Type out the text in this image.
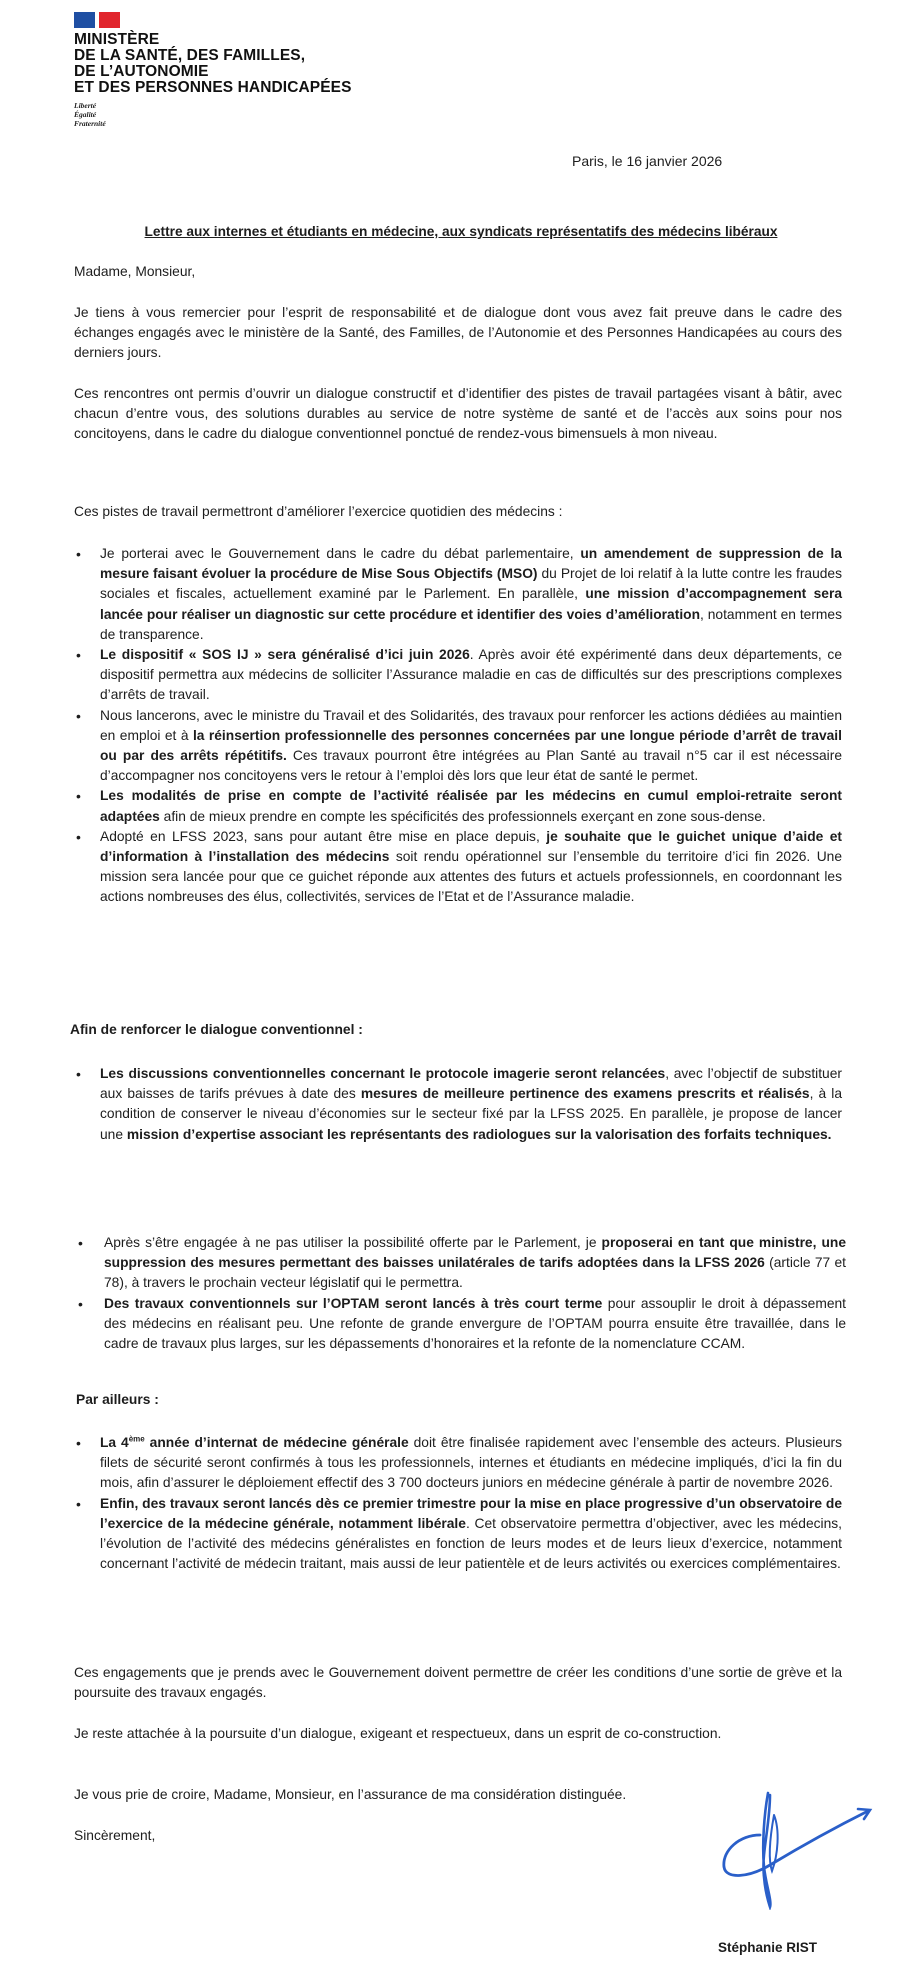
MINISTÈRE
DE LA SANTÉ, DES FAMILLES,
DE L’AUTONOMIE
ET DES PERSONNES HANDICAPÉES
Liberté
Égalité
Fraternité
Paris, le 16 janvier 2026
Lettre aux internes et étudiants en médecine, aux syndicats représentatifs des médecins libéraux
Madame, Monsieur,
Je tiens à vous remercier pour l’esprit de responsabilité et de dialogue dont vous avez fait preuve dans le cadre des échanges engagés avec le ministère de la Santé, des Familles, de l’Autonomie et des Personnes Handicapées au cours des derniers jours.
Ces rencontres ont permis d’ouvrir un dialogue constructif et d’identifier des pistes de travail partagées visant à bâtir, avec chacun d’entre vous, des solutions durables au service de notre système de santé et de l’accès aux soins pour nos concitoyens, dans le cadre du dialogue conventionnel ponctué de rendez-vous bimensuels à mon niveau.
Ces pistes de travail permettront d’améliorer l’exercice quotidien des médecins :
• Je porterai avec le Gouvernement dans le cadre du débat parlementaire, un amendement de suppression de la mesure faisant évoluer la procédure de Mise Sous Objectifs (MSO) du Projet de loi relatif à la lutte contre les fraudes sociales et fiscales, actuellement examiné par le Parlement. En parallèle, une mission d’accompagnement sera lancée pour réaliser un diagnostic sur cette procédure et identifier des voies d’amélioration, notamment en termes de transparence.
• Le dispositif « SOS IJ » sera généralisé d’ici juin 2026. Après avoir été expérimenté dans deux départements, ce dispositif permettra aux médecins de solliciter l’Assurance maladie en cas de difficultés sur des prescriptions complexes d’arrêts de travail.
• Nous lancerons, avec le ministre du Travail et des Solidarités, des travaux pour renforcer les actions dédiées au maintien en emploi et à la réinsertion professionnelle des personnes concernées par une longue période d’arrêt de travail ou par des arrêts répétitifs. Ces travaux pourront être intégrées au Plan Santé au travail n°5 car il est nécessaire d’accompagner nos concitoyens vers le retour à l’emploi dès lors que leur état de santé le permet.
• Les modalités de prise en compte de l’activité réalisée par les médecins en cumul emploi-retraite seront adaptées afin de mieux prendre en compte les spécificités des professionnels exerçant en zone sous-dense.
• Adopté en LFSS 2023, sans pour autant être mise en place depuis, je souhaite que le guichet unique d’aide et d’information à l’installation des médecins soit rendu opérationnel sur l’ensemble du territoire d’ici fin 2026. Une mission sera lancée pour que ce guichet réponde aux attentes des futurs et actuels professionnels, en coordonnant les actions nombreuses des élus, collectivités, services de l’Etat et de l’Assurance maladie.
Afin de renforcer le dialogue conventionnel :
• Les discussions conventionnelles concernant le protocole imagerie seront relancées, avec l’objectif de substituer aux baisses de tarifs prévues à date des mesures de meilleure pertinence des examens prescrits et réalisés, à la condition de conserver le niveau d’économies sur le secteur fixé par la LFSS 2025. En parallèle, je propose de lancer une mission d’expertise associant les représentants des radiologues sur la valorisation des forfaits techniques.
• Après s’être engagée à ne pas utiliser la possibilité offerte par le Parlement, je proposerai en tant que ministre, une suppression des mesures permettant des baisses unilatérales de tarifs adoptées dans la LFSS 2026 (article 77 et 78), à travers le prochain vecteur législatif qui le permettra.
• Des travaux conventionnels sur l’OPTAM seront lancés à très court terme pour assouplir le droit à dépassement des médecins en réalisant peu. Une refonte de grande envergure de l’OPTAM pourra ensuite être travaillée, dans le cadre de travaux plus larges, sur les dépassements d’honoraires et la refonte de la nomenclature CCAM.
Par ailleurs :
• La 4ème année d’internat de médecine générale doit être finalisée rapidement avec l’ensemble des acteurs. Plusieurs filets de sécurité seront confirmés à tous les professionnels, internes et étudiants en médecine impliqués, d’ici la fin du mois, afin d’assurer le déploiement effectif des 3 700 docteurs juniors en médecine générale à partir de novembre 2026.
• Enfin, des travaux seront lancés dès ce premier trimestre pour la mise en place progressive d’un observatoire de l’exercice de la médecine générale, notamment libérale. Cet observatoire permettra d’objectiver, avec les médecins, l’évolution de l’activité des médecins généralistes en fonction de leurs modes et de leurs lieux d’exercice, notamment concernant l’activité de médecin traitant, mais aussi de leur patientèle et de leurs activités ou exercices complémentaires.
Ces engagements que je prends avec le Gouvernement doivent permettre de créer les conditions d’une sortie de grève et la poursuite des travaux engagés.
Je reste attachée à la poursuite d’un dialogue, exigeant et respectueux, dans un esprit de co-construction.
Je vous prie de croire, Madame, Monsieur, en l’assurance de ma considération distinguée.
Sincèrement,
Stéphanie RIST
